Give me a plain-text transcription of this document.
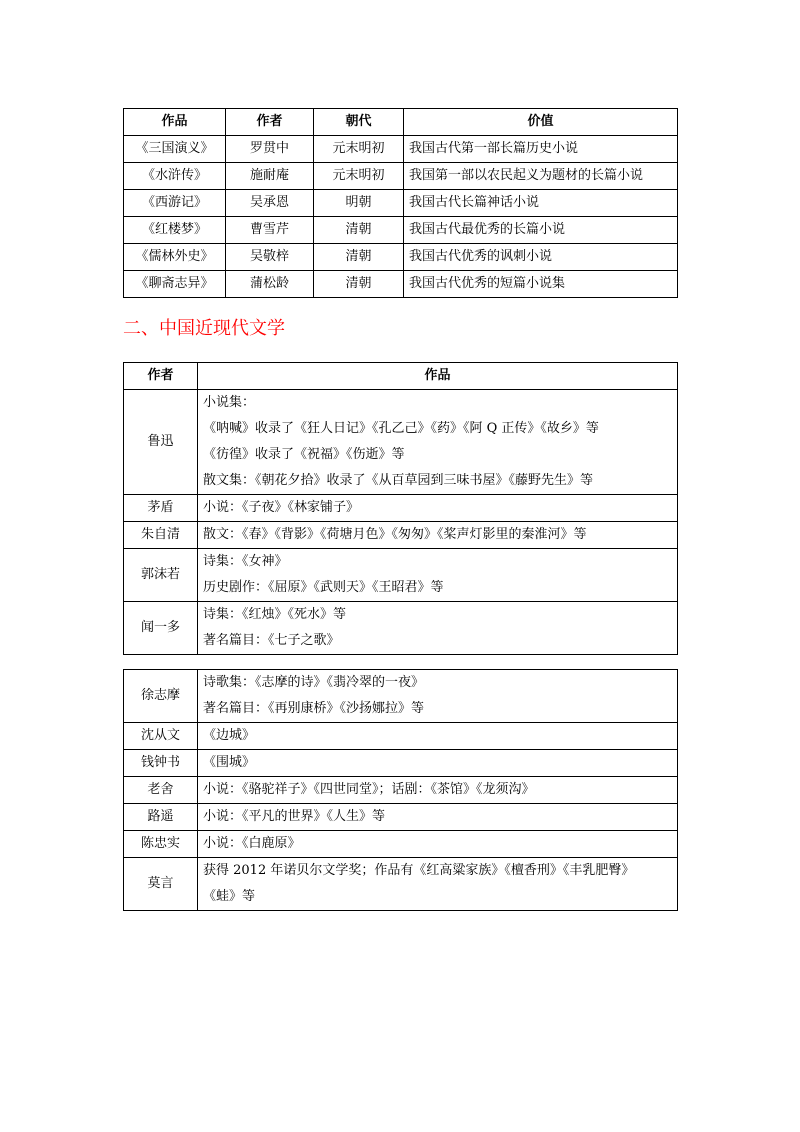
作品	作者	朝代	价值
《三国演义》	罗贯中	元末明初	我国古代第一部长篇历史小说
《水浒传》	施耐庵	元末明初	我国第一部以农民起义为题材的长篇小说
《西游记》	吴承恩	明朝	我国古代长篇神话小说
《红楼梦》	曹雪芹	清朝	我国古代最优秀的长篇小说
《儒林外史》	吴敬梓	清朝	我国古代优秀的讽刺小说
《聊斋志异》	蒲松龄	清朝	我国古代优秀的短篇小说集
二、中国近现代文学
作者	作品
鲁迅	小说集：
《呐喊》收录了《狂人日记》《孔乙己》《药》《阿 Q 正传》《故乡》等
《彷徨》收录了《祝福》《伤逝》等
散文集：《朝花夕拾》收录了《从百草园到三味书屋》《藤野先生》等

茅盾	小说：《子夜》《林家铺子》
朱自清	散文：《春》《背影》《荷塘月色》《匆匆》《桨声灯影里的秦淮河》等
郭沫若	诗集：《女神》
历史剧作：《屈原》《武则天》《王昭君》等

闻一多	诗集：《红烛》《死水》等
著名篇目：《七子之歌》
徐志摩	诗歌集：《志摩的诗》《翡冷翠的一夜》
著名篇目：《再别康桥》《沙扬娜拉》等

沈从文	《边城》
钱钟书	《围城》
老舍	小说：《骆驼祥子》《四世同堂》；话剧：《茶馆》《龙须沟》
路遥	小说：《平凡的世界》《人生》等
陈忠实	小说：《白鹿原》
莫言	获得 2012 年诺贝尔文学奖；作品有《红高粱家族》《檀香刑》《丰乳肥臀》
《蛙》等
